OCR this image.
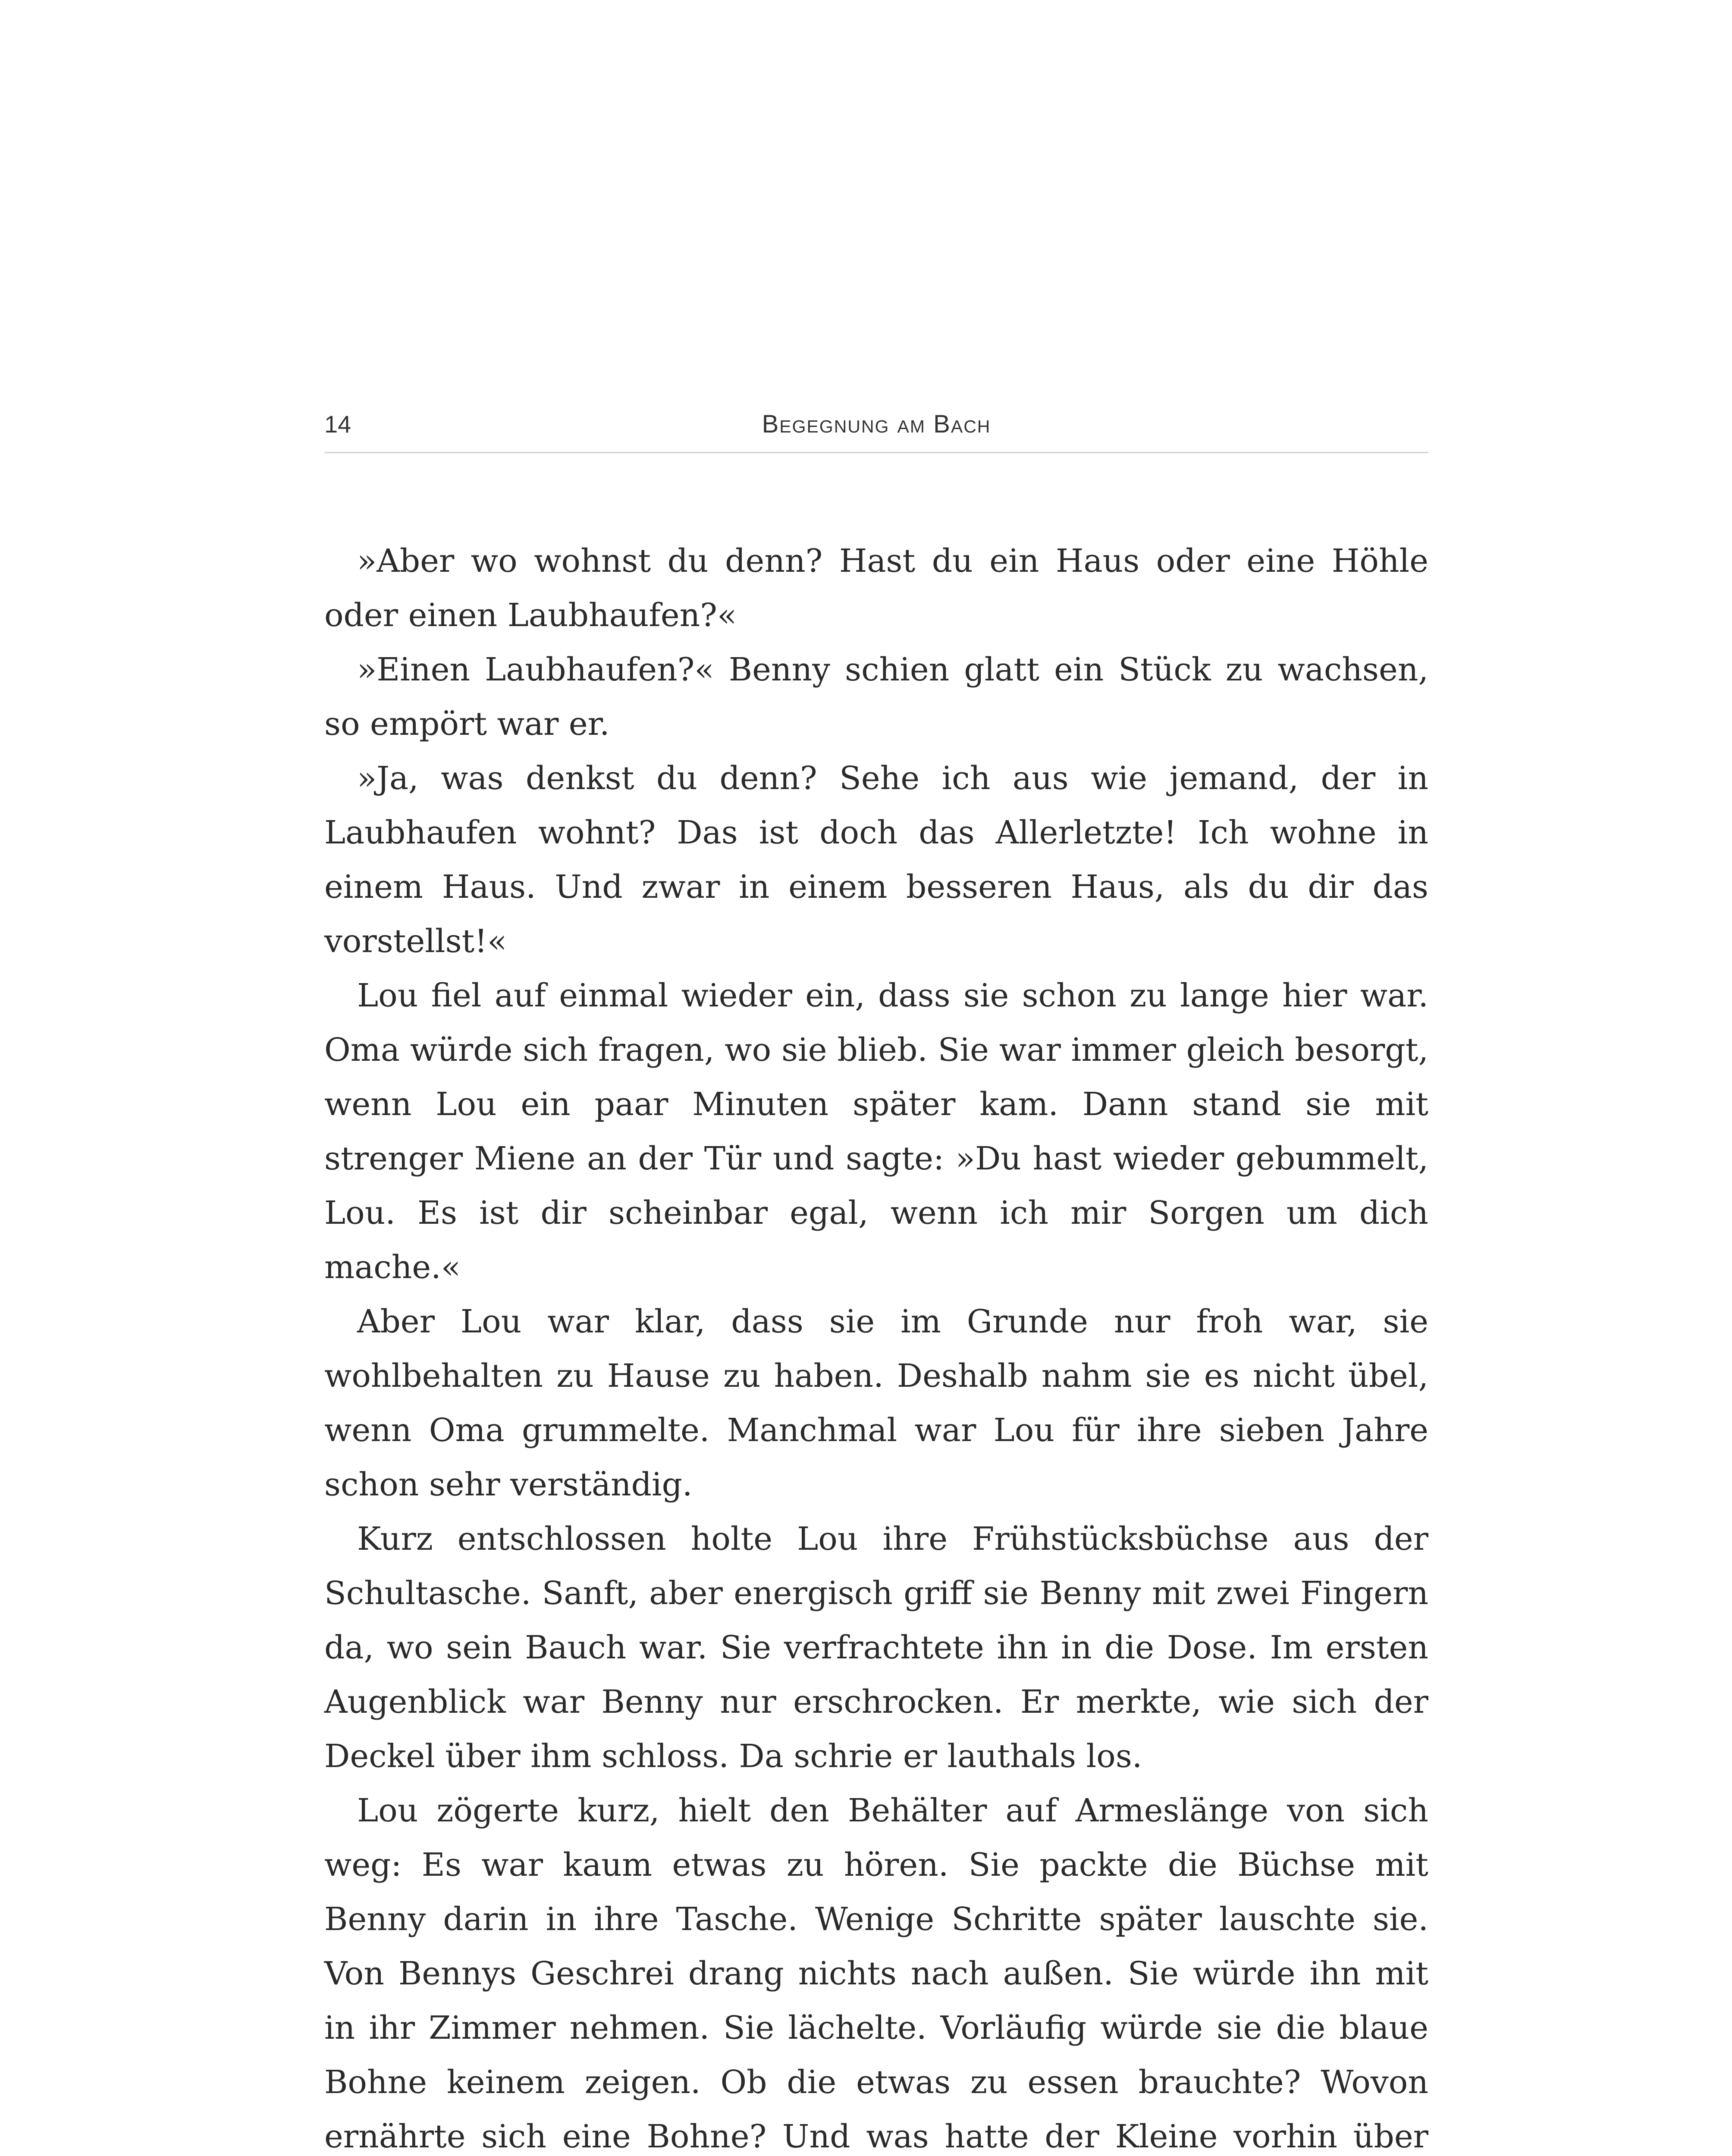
14	Begegnung am Bach

»Aber wo wohnst du denn? Hast du ein Haus oder eine Höhle oder einen Laubhaufen?«

»Einen Laubhaufen?« Benny schien glatt ein Stück zu wachsen, so empört war er.

»Ja, was denkst du denn? Sehe ich aus wie jemand, der in Laubhaufen wohnt? Das ist doch das Allerletzte! Ich wohne in einem Haus. Und zwar in einem besseren Haus, als du dir das vorstellst!«

Lou fiel auf einmal wieder ein, dass sie schon zu lange hier war. Oma würde sich fragen, wo sie blieb. Sie war immer gleich besorgt, wenn Lou ein paar Minuten später kam. Dann stand sie mit strenger Miene an der Tür und sagte: »Du hast wieder gebummelt, Lou. Es ist dir scheinbar egal, wenn ich mir Sorgen um dich mache.«

Aber Lou war klar, dass sie im Grunde nur froh war, sie wohlbehalten zu Hause zu haben. Deshalb nahm sie es nicht übel, wenn Oma grummelte. Manchmal war Lou für ihre sieben Jahre schon sehr verständig.

Kurz entschlossen holte Lou ihre Frühstücksbüchse aus der Schultasche. Sanft, aber energisch griff sie Benny mit zwei Fingern da, wo sein Bauch war. Sie verfrachtete ihn in die Dose. Im ersten Augenblick war Benny nur erschrocken. Er merkte, wie sich der Deckel über ihm schloss. Da schrie er lauthals los.

Lou zögerte kurz, hielt den Behälter auf Armeslänge von sich weg: Es war kaum etwas zu hören. Sie packte die Büchse mit Benny darin in ihre Tasche. Wenige Schritte später lauschte sie. Von Bennys Geschrei drang nichts nach außen. Sie würde ihn mit in ihr Zimmer nehmen. Sie lächelte. Vorläufig würde sie die blaue Bohne keinem zeigen. Ob die etwas zu essen brauchte? Wovon ernährte sich eine Bohne? Und was hatte der Kleine vorhin über
